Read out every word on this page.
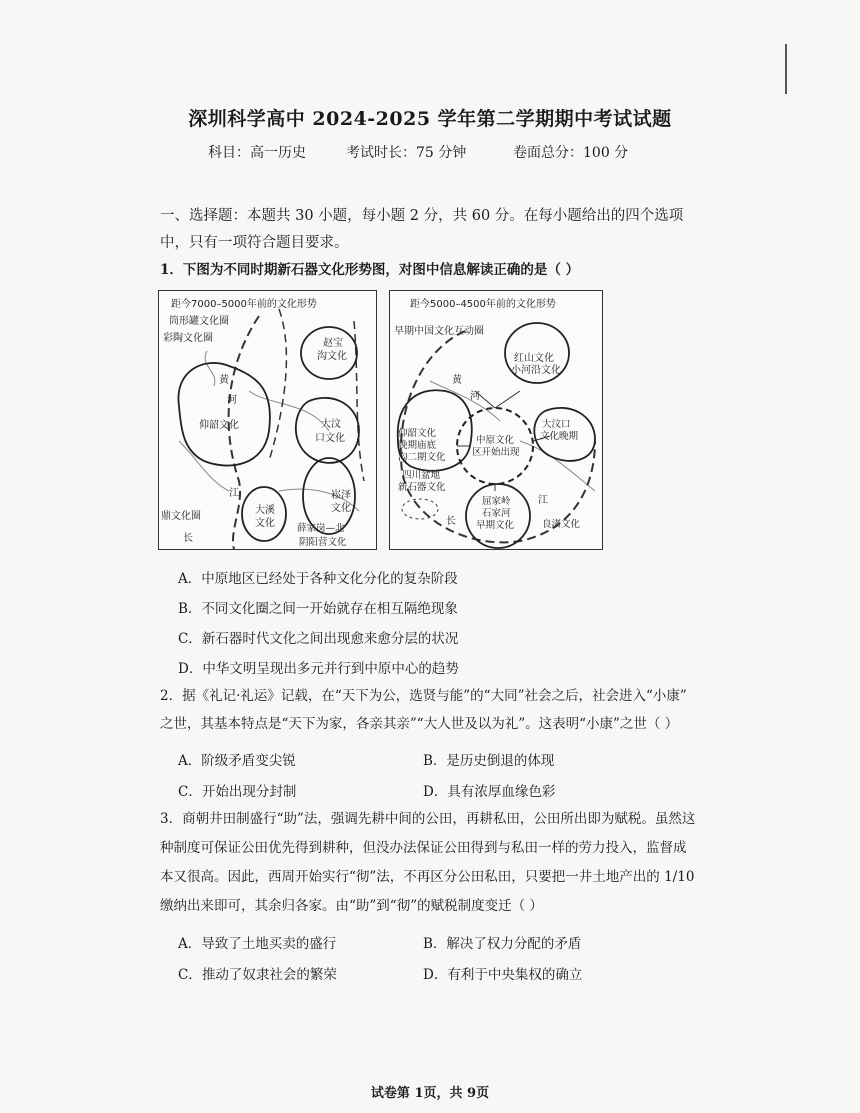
深圳科学高中 2024-2025 学年第二学期期中考试试题
科目：高一历史	考试时长：75 分钟	卷面总分：100 分
一、选择题：本题共 30 小题，每小题 2 分，共 60 分。在每小题给出的四个选项
中，只有一项符合题目要求。
1．下图为不同时期新石器文化形势图，对图中信息解读正确的是（ ）
距今7000–5000年前的文化形势
筒形罐文化圈
彩陶文化圈	赵宝
沟文化
黄
河
仰韶文化	大汶
口文化
江	崧泽
文化
大溪
文化
鼎文化圈
长
薛家岗—北
阴阳营文化
距今5000–4500年前的文化形势
早期中国文化互动圈
红山文化
小河沿文化
黄
河
仰韶文化
晚期庙底
沟二期文化
中原文化
区开始出现
大汶口
文化晚期
四川盆地
新石器文化
屈家岭
石家河
早期文化
江
长	良渚文化
A．中原地区已经处于各种文化分化的复杂阶段
B．不同文化圈之间一开始就存在相互隔绝现象
C．新石器时代文化之间出现愈来愈分层的状况
D．中华文明呈现出多元并行到中原中心的趋势
2．据《礼记·礼运》记载，在“天下为公，选贤与能”的“大同”社会之后，社会进入“小康”
之世，其基本特点是“天下为家，各亲其亲”“大人世及以为礼”。这表明“小康”之世（ ）
A．阶级矛盾变尖锐	B．是历史倒退的体现
C．开始出现分封制	D．具有浓厚血缘色彩
3．商朝井田制盛行“助”法，强调先耕中间的公田，再耕私田，公田所出即为赋税。虽然这
种制度可保证公田优先得到耕种，但没办法保证公田得到与私田一样的劳力投入，监督成
本又很高。因此，西周开始实行“彻”法，不再区分公田私田，只要把一井土地产出的 1/10
缴纳出来即可，其余归各家。由“助”到“彻”的赋税制度变迁（ ）
A．导致了土地买卖的盛行	B．解决了权力分配的矛盾
C．推动了奴隶社会的繁荣	D．有利于中央集权的确立
试卷第 1页，共 9页
